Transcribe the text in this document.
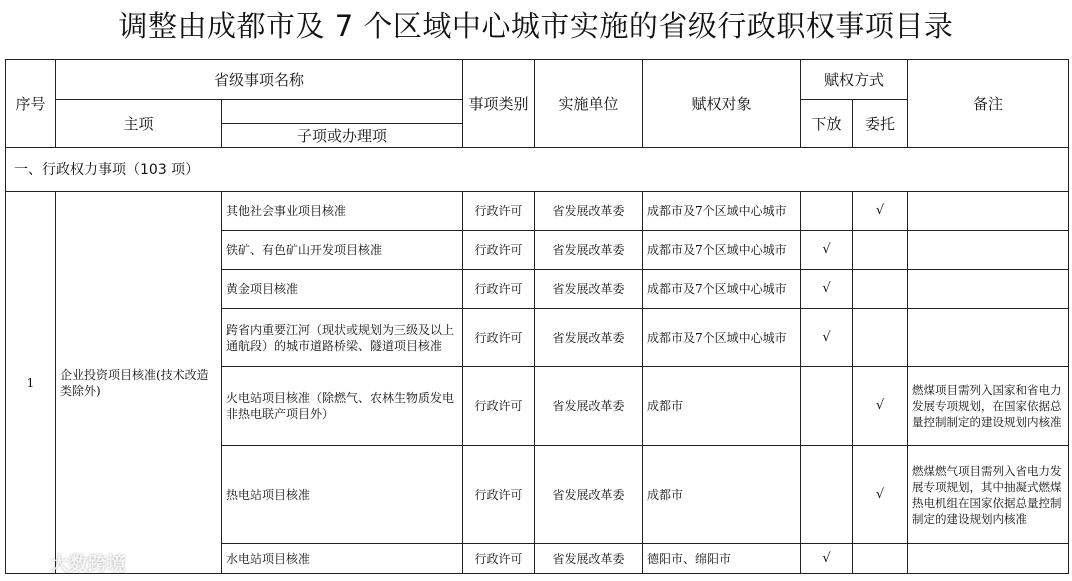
调整由成都市及 7 个区域中心城市实施的省级行政职权事项目录
序号	省级事项名称		事项类别	实施单位	赋权对象	赋权方式		备注
	主项					下放	委托	
		子项或办理项						
一、行政权力事项（103 项）								
1	企业投资项目核准(技术改造类除外)	其他社会事业项目核准	行政许可	省发展改革委	成都市及7个区域中心城市		√	
		铁矿、有色矿山开发项目核准	行政许可	省发展改革委	成都市及7个区域中心城市	√		
		黄金项目核准	行政许可	省发展改革委	成都市及7个区域中心城市	√		
		跨省内重要江河（现状或规划为三级及以上通航段）的城市道路桥梁、隧道项目核准	行政许可	省发展改革委	成都市及7个区域中心城市	√		
		火电站项目核准（除燃气、农林生物质发电非热电联产项目外）	行政许可	省发展改革委	成都市		√	燃煤项目需列入国家和省电力发展专项规划，在国家依据总量控制制定的建设规划内核准
		热电站项目核准	行政许可	省发展改革委	成都市		√	燃煤燃气项目需列入省电力发展专项规划，其中抽凝式燃煤热电机组在国家依据总量控制制定的建设规划内核准
		水电站项目核准	行政许可	省发展改革委	德阳市、绵阳市	√		
大数跨境
